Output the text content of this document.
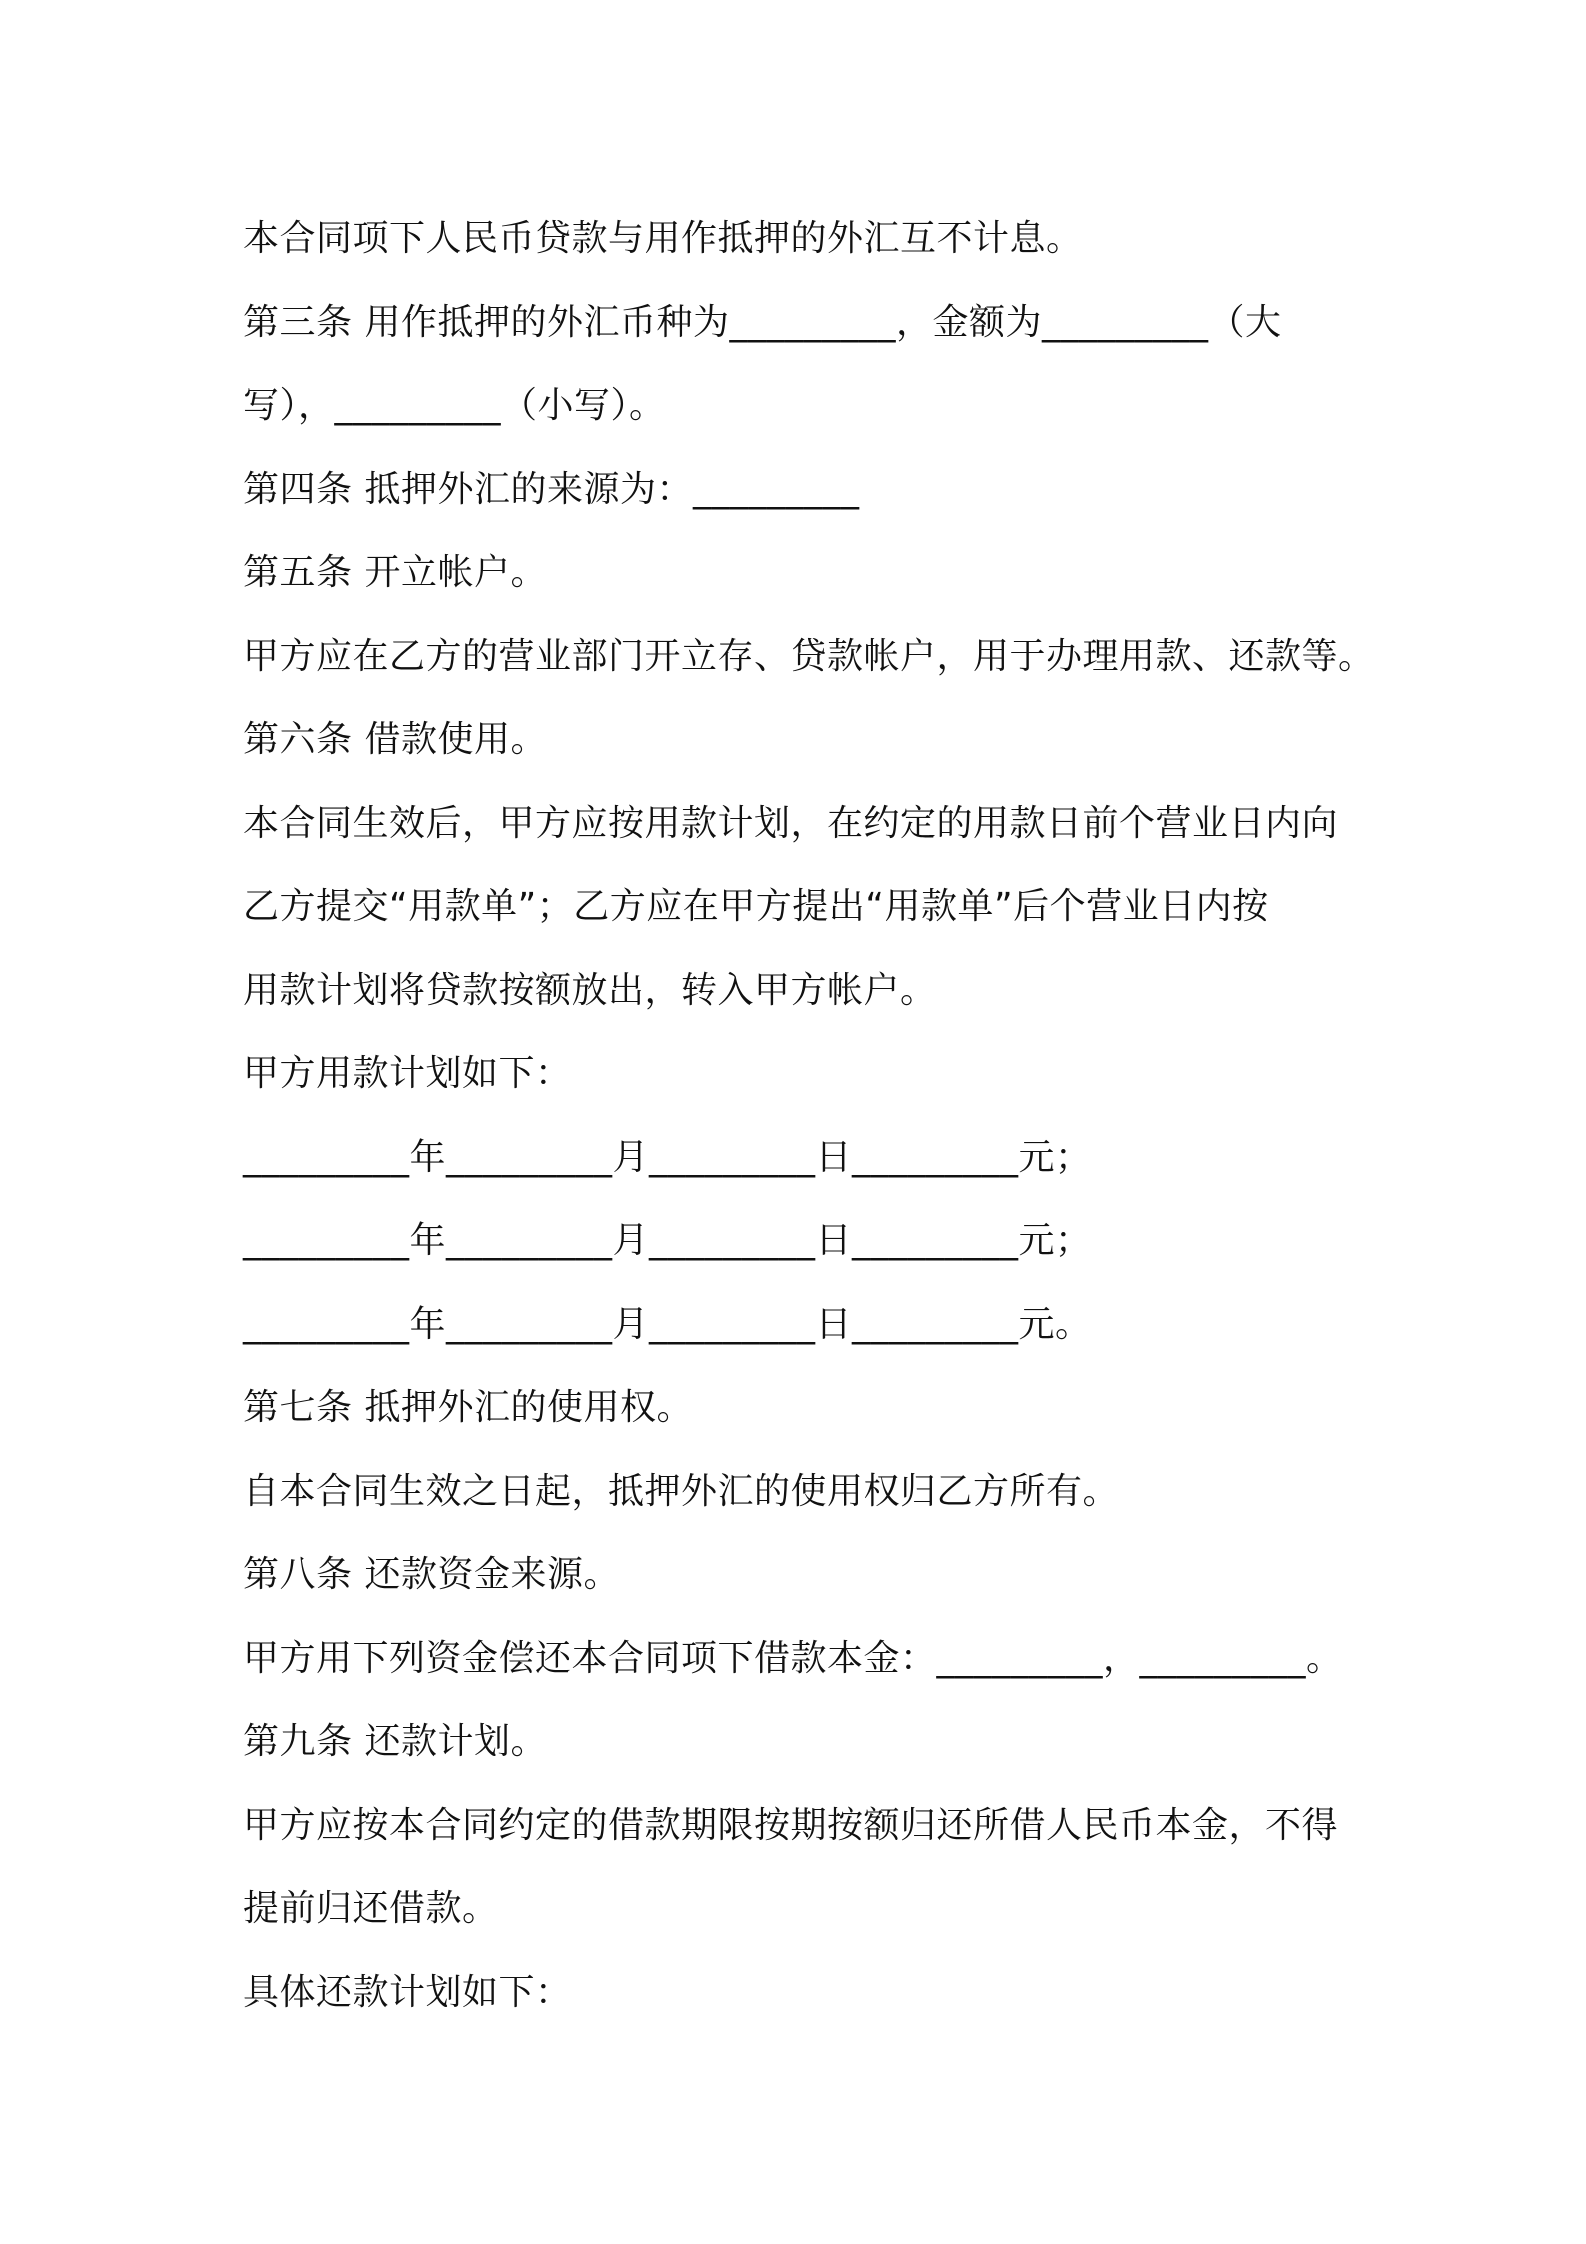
本合同项下人民币贷款与用作抵押的外汇互不计息。
第三条 用作抵押的外汇币种为_________，金额为_________（大
写），_________（小写）。
第四条 抵押外汇的来源为：_________
第五条 开立帐户。
甲方应在乙方的营业部门开立存、贷款帐户，用于办理用款、还款等。
第六条 借款使用。
本合同生效后，甲方应按用款计划，在约定的用款日前个营业日内向
乙方提交“用款单”；乙方应在甲方提出“用款单”后个营业日内按
用款计划将贷款按额放出，转入甲方帐户。
甲方用款计划如下：
_________年_________月_________日_________元；
_________年_________月_________日_________元；
_________年_________月_________日_________元。
第七条 抵押外汇的使用权。
自本合同生效之日起，抵押外汇的使用权归乙方所有。
第八条 还款资金来源。
甲方用下列资金偿还本合同项下借款本金：_________，_________。
第九条 还款计划。
甲方应按本合同约定的借款期限按期按额归还所借人民币本金，不得
提前归还借款。
具体还款计划如下：
